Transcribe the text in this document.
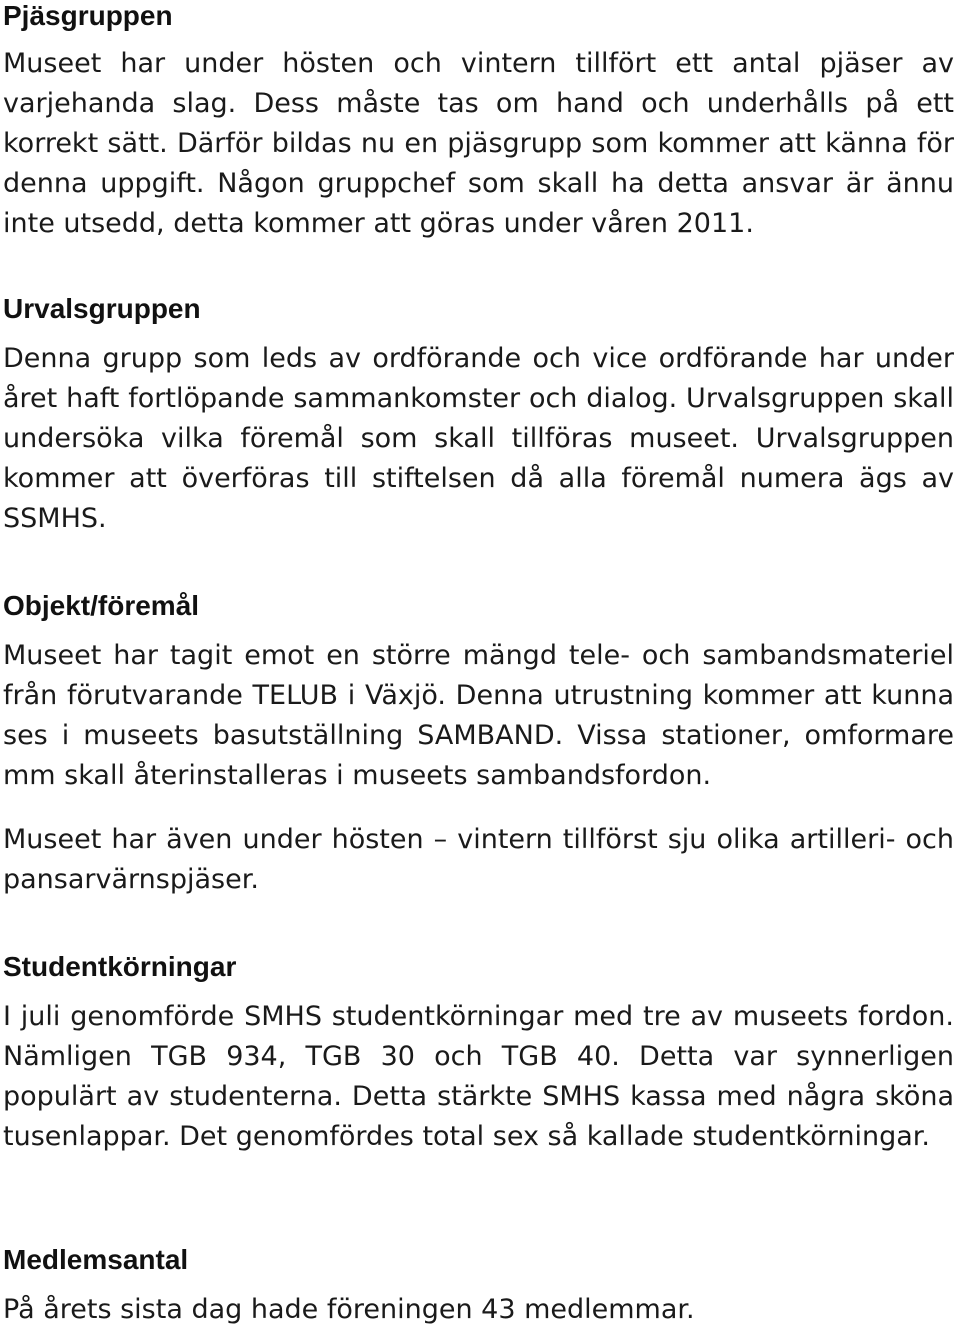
Pjäsgruppen

Museet har under hösten och vintern tillfört ett antal pjäser av varjehanda slag. Dess måste tas om hand och underhålls på ett korrekt sätt. Därför bildas nu en pjäsgrupp som kommer att känna för denna uppgift. Någon gruppchef som skall ha detta ansvar är ännu inte utsedd, detta kommer att göras under våren 2011.

Urvalsgruppen

Denna grupp som leds av ordförande och vice ordförande har under året haft fortlöpande sammankomster och dialog. Urvalsgruppen skall undersöka vilka föremål som skall tillföras museet. Urvalsgruppen kommer att överföras till stiftelsen då alla föremål numera ägs av SSMHS.

Objekt/föremål

Museet har tagit emot en större mängd tele- och sambandsmateriel från förutvarande TELUB i Växjö. Denna utrustning kommer att kunna ses i museets basutställning SAMBAND. Vissa stationer, omformare mm skall återinstalleras i museets sambandsfordon.

Museet har även under hösten – vintern tillförst sju olika artilleri- och pansarvärnspjäser.

Studentkörningar

I juli genomförde SMHS studentkörningar med tre av museets fordon. Nämligen TGB 934, TGB 30 och TGB 40. Detta var synnerligen populärt av studenterna. Detta stärkte SMHS kassa med några sköna tusenlappar. Det genomfördes total sex så kallade studentkörningar.

Medlemsantal

På årets sista dag hade föreningen 43 medlemmar.
